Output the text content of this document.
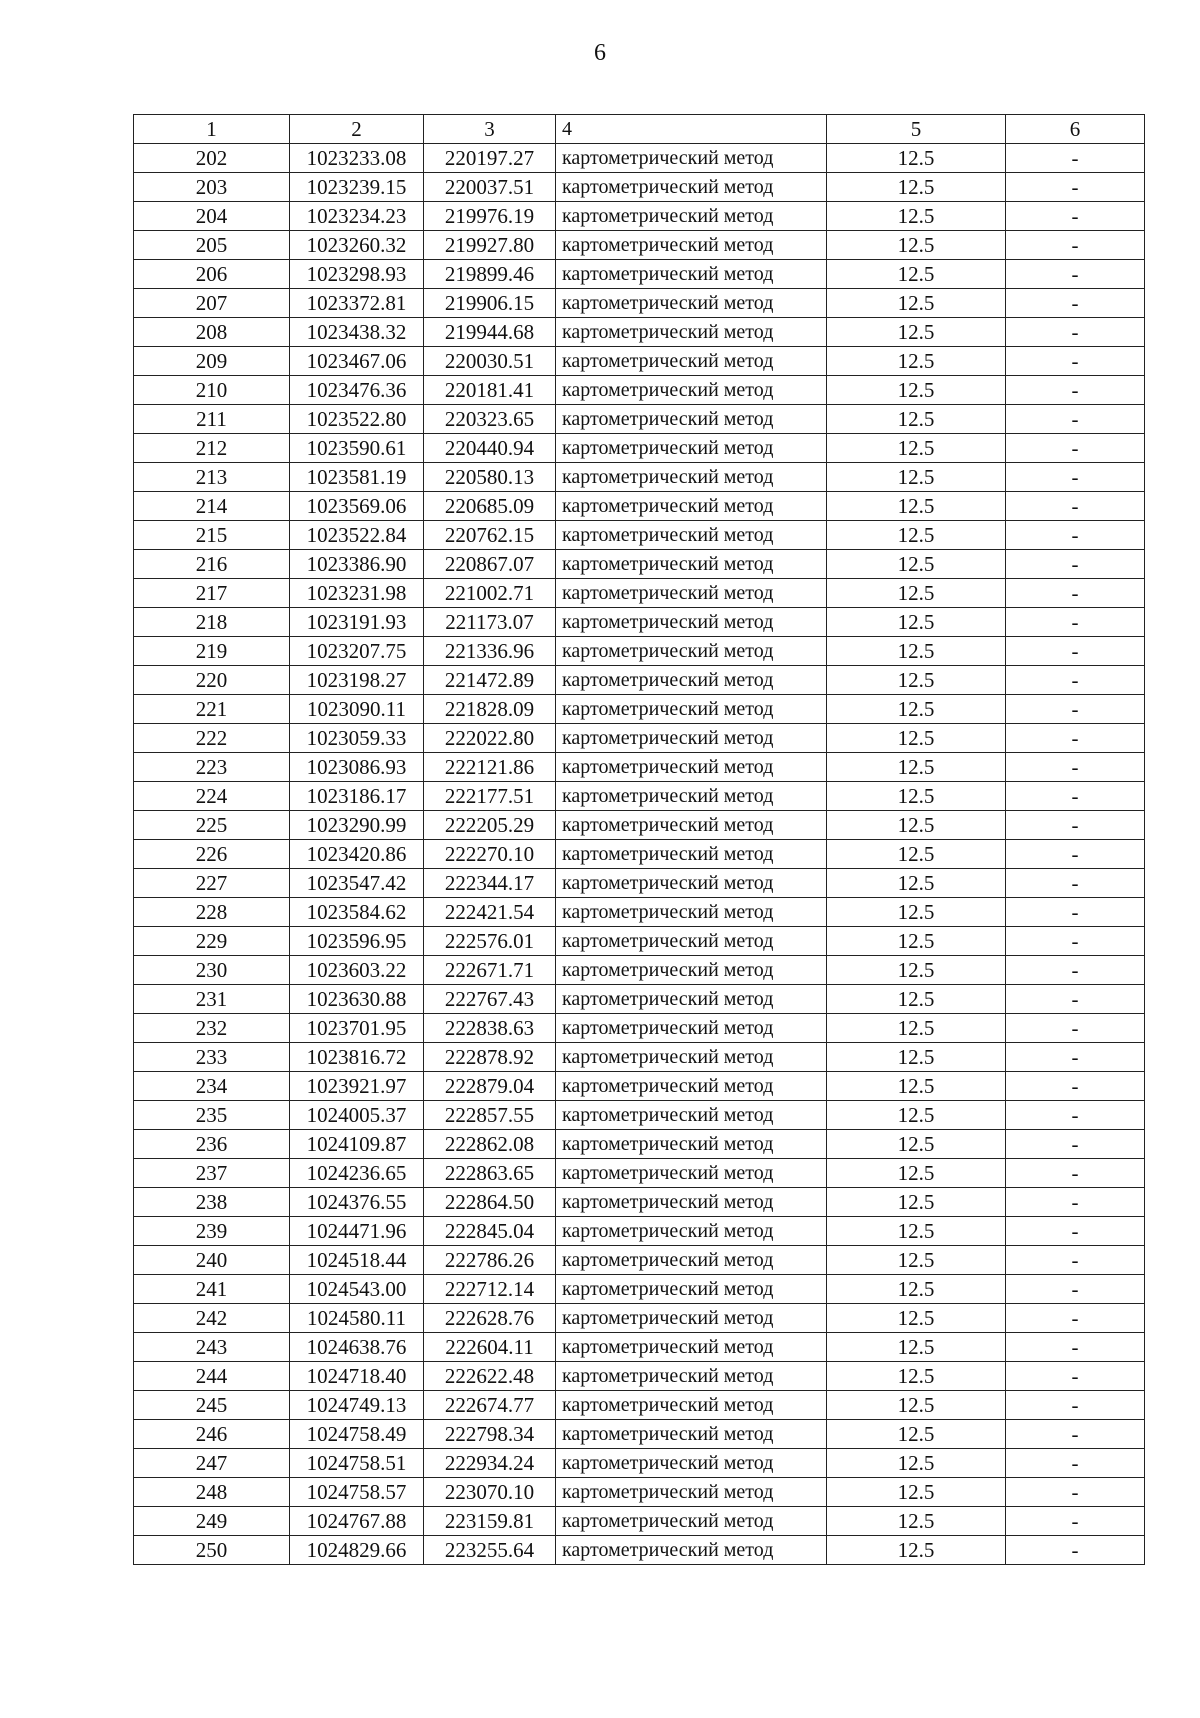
6
1	2	3	4	5	6
202	1023233.08	220197.27	картометрический метод	12.5	-
203	1023239.15	220037.51	картометрический метод	12.5	-
204	1023234.23	219976.19	картометрический метод	12.5	-
205	1023260.32	219927.80	картометрический метод	12.5	-
206	1023298.93	219899.46	картометрический метод	12.5	-
207	1023372.81	219906.15	картометрический метод	12.5	-
208	1023438.32	219944.68	картометрический метод	12.5	-
209	1023467.06	220030.51	картометрический метод	12.5	-
210	1023476.36	220181.41	картометрический метод	12.5	-
211	1023522.80	220323.65	картометрический метод	12.5	-
212	1023590.61	220440.94	картометрический метод	12.5	-
213	1023581.19	220580.13	картометрический метод	12.5	-
214	1023569.06	220685.09	картометрический метод	12.5	-
215	1023522.84	220762.15	картометрический метод	12.5	-
216	1023386.90	220867.07	картометрический метод	12.5	-
217	1023231.98	221002.71	картометрический метод	12.5	-
218	1023191.93	221173.07	картометрический метод	12.5	-
219	1023207.75	221336.96	картометрический метод	12.5	-
220	1023198.27	221472.89	картометрический метод	12.5	-
221	1023090.11	221828.09	картометрический метод	12.5	-
222	1023059.33	222022.80	картометрический метод	12.5	-
223	1023086.93	222121.86	картометрический метод	12.5	-
224	1023186.17	222177.51	картометрический метод	12.5	-
225	1023290.99	222205.29	картометрический метод	12.5	-
226	1023420.86	222270.10	картометрический метод	12.5	-
227	1023547.42	222344.17	картометрический метод	12.5	-
228	1023584.62	222421.54	картометрический метод	12.5	-
229	1023596.95	222576.01	картометрический метод	12.5	-
230	1023603.22	222671.71	картометрический метод	12.5	-
231	1023630.88	222767.43	картометрический метод	12.5	-
232	1023701.95	222838.63	картометрический метод	12.5	-
233	1023816.72	222878.92	картометрический метод	12.5	-
234	1023921.97	222879.04	картометрический метод	12.5	-
235	1024005.37	222857.55	картометрический метод	12.5	-
236	1024109.87	222862.08	картометрический метод	12.5	-
237	1024236.65	222863.65	картометрический метод	12.5	-
238	1024376.55	222864.50	картометрический метод	12.5	-
239	1024471.96	222845.04	картометрический метод	12.5	-
240	1024518.44	222786.26	картометрический метод	12.5	-
241	1024543.00	222712.14	картометрический метод	12.5	-
242	1024580.11	222628.76	картометрический метод	12.5	-
243	1024638.76	222604.11	картометрический метод	12.5	-
244	1024718.40	222622.48	картометрический метод	12.5	-
245	1024749.13	222674.77	картометрический метод	12.5	-
246	1024758.49	222798.34	картометрический метод	12.5	-
247	1024758.51	222934.24	картометрический метод	12.5	-
248	1024758.57	223070.10	картометрический метод	12.5	-
249	1024767.88	223159.81	картометрический метод	12.5	-
250	1024829.66	223255.64	картометрический метод	12.5	-
